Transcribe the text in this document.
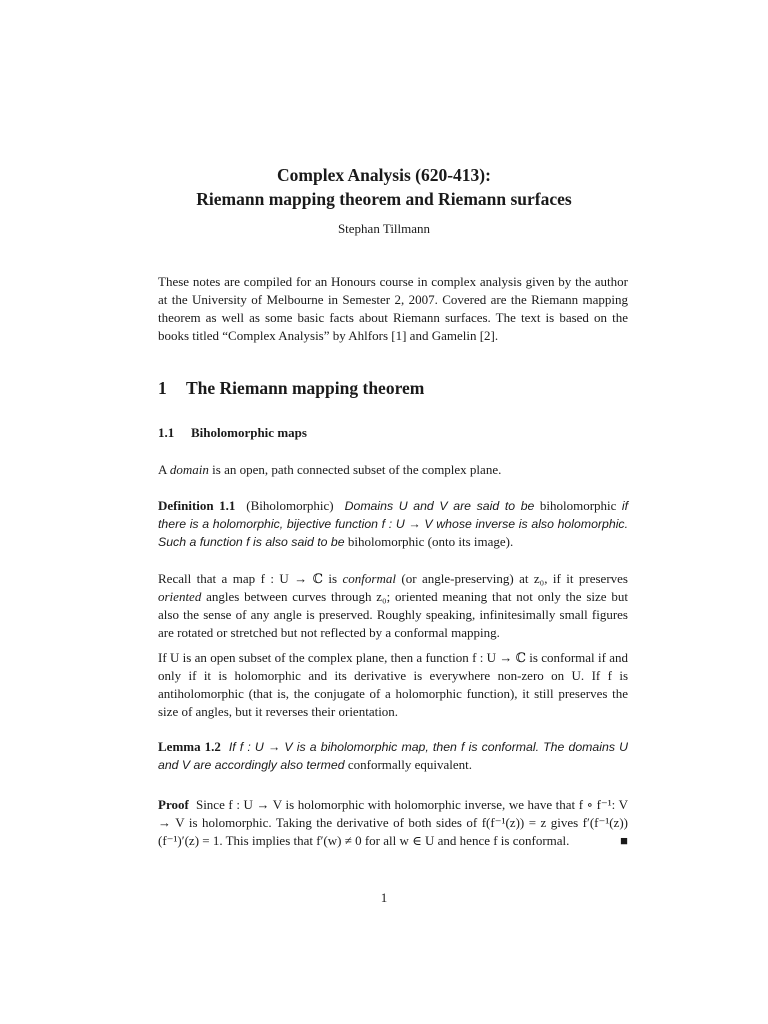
Complex Analysis (620-413):
Riemann mapping theorem and Riemann surfaces
Stephan Tillmann

These notes are compiled for an Honours course in complex analysis given by the author at the University of Melbourne in Semester 2, 2007. Covered are the Riemann mapping theorem as well as some basic facts about Riemann surfaces. The text is based on the books titled “Complex Analysis” by Ahlfors [1] and Gamelin [2].

1 The Riemann mapping theorem
1.1 Biholomorphic maps

A domain is an open, path connected subset of the complex plane.

Definition 1.1 (Biholomorphic) Domains U and V are said to be biholomorphic if there is a holomorphic, bijective function f : U → V whose inverse is also holomorphic. Such a function f is also said to be biholomorphic (onto its image).

Recall that a map f : U → ℂ is conformal (or angle-preserving) at z₀, if it preserves oriented angles between curves through z₀; oriented meaning that not only the size but also the sense of any angle is preserved. Roughly speaking, infinitesimally small figures are rotated or stretched but not reflected by a conformal mapping.

If U is an open subset of the complex plane, then a function f : U → ℂ is conformal if and only if it is holomorphic and its derivative is everywhere non-zero on U. If f is antiholomorphic (that is, the conjugate of a holomorphic function), it still preserves the size of angles, but it reverses their orientation.

Lemma 1.2 If f : U → V is a biholomorphic map, then f is conformal. The domains U and V are accordingly also termed conformally equivalent.

Proof Since f : U → V is holomorphic with holomorphic inverse, we have that f ∘ f⁻¹: V → V is holomorphic. Taking the derivative of both sides of f(f⁻¹(z)) = z gives f′(f⁻¹(z))(f⁻¹)′(z) = 1. This implies that f′(w) ≠ 0 for all w ∈ U and hence f is conformal.	■

1
